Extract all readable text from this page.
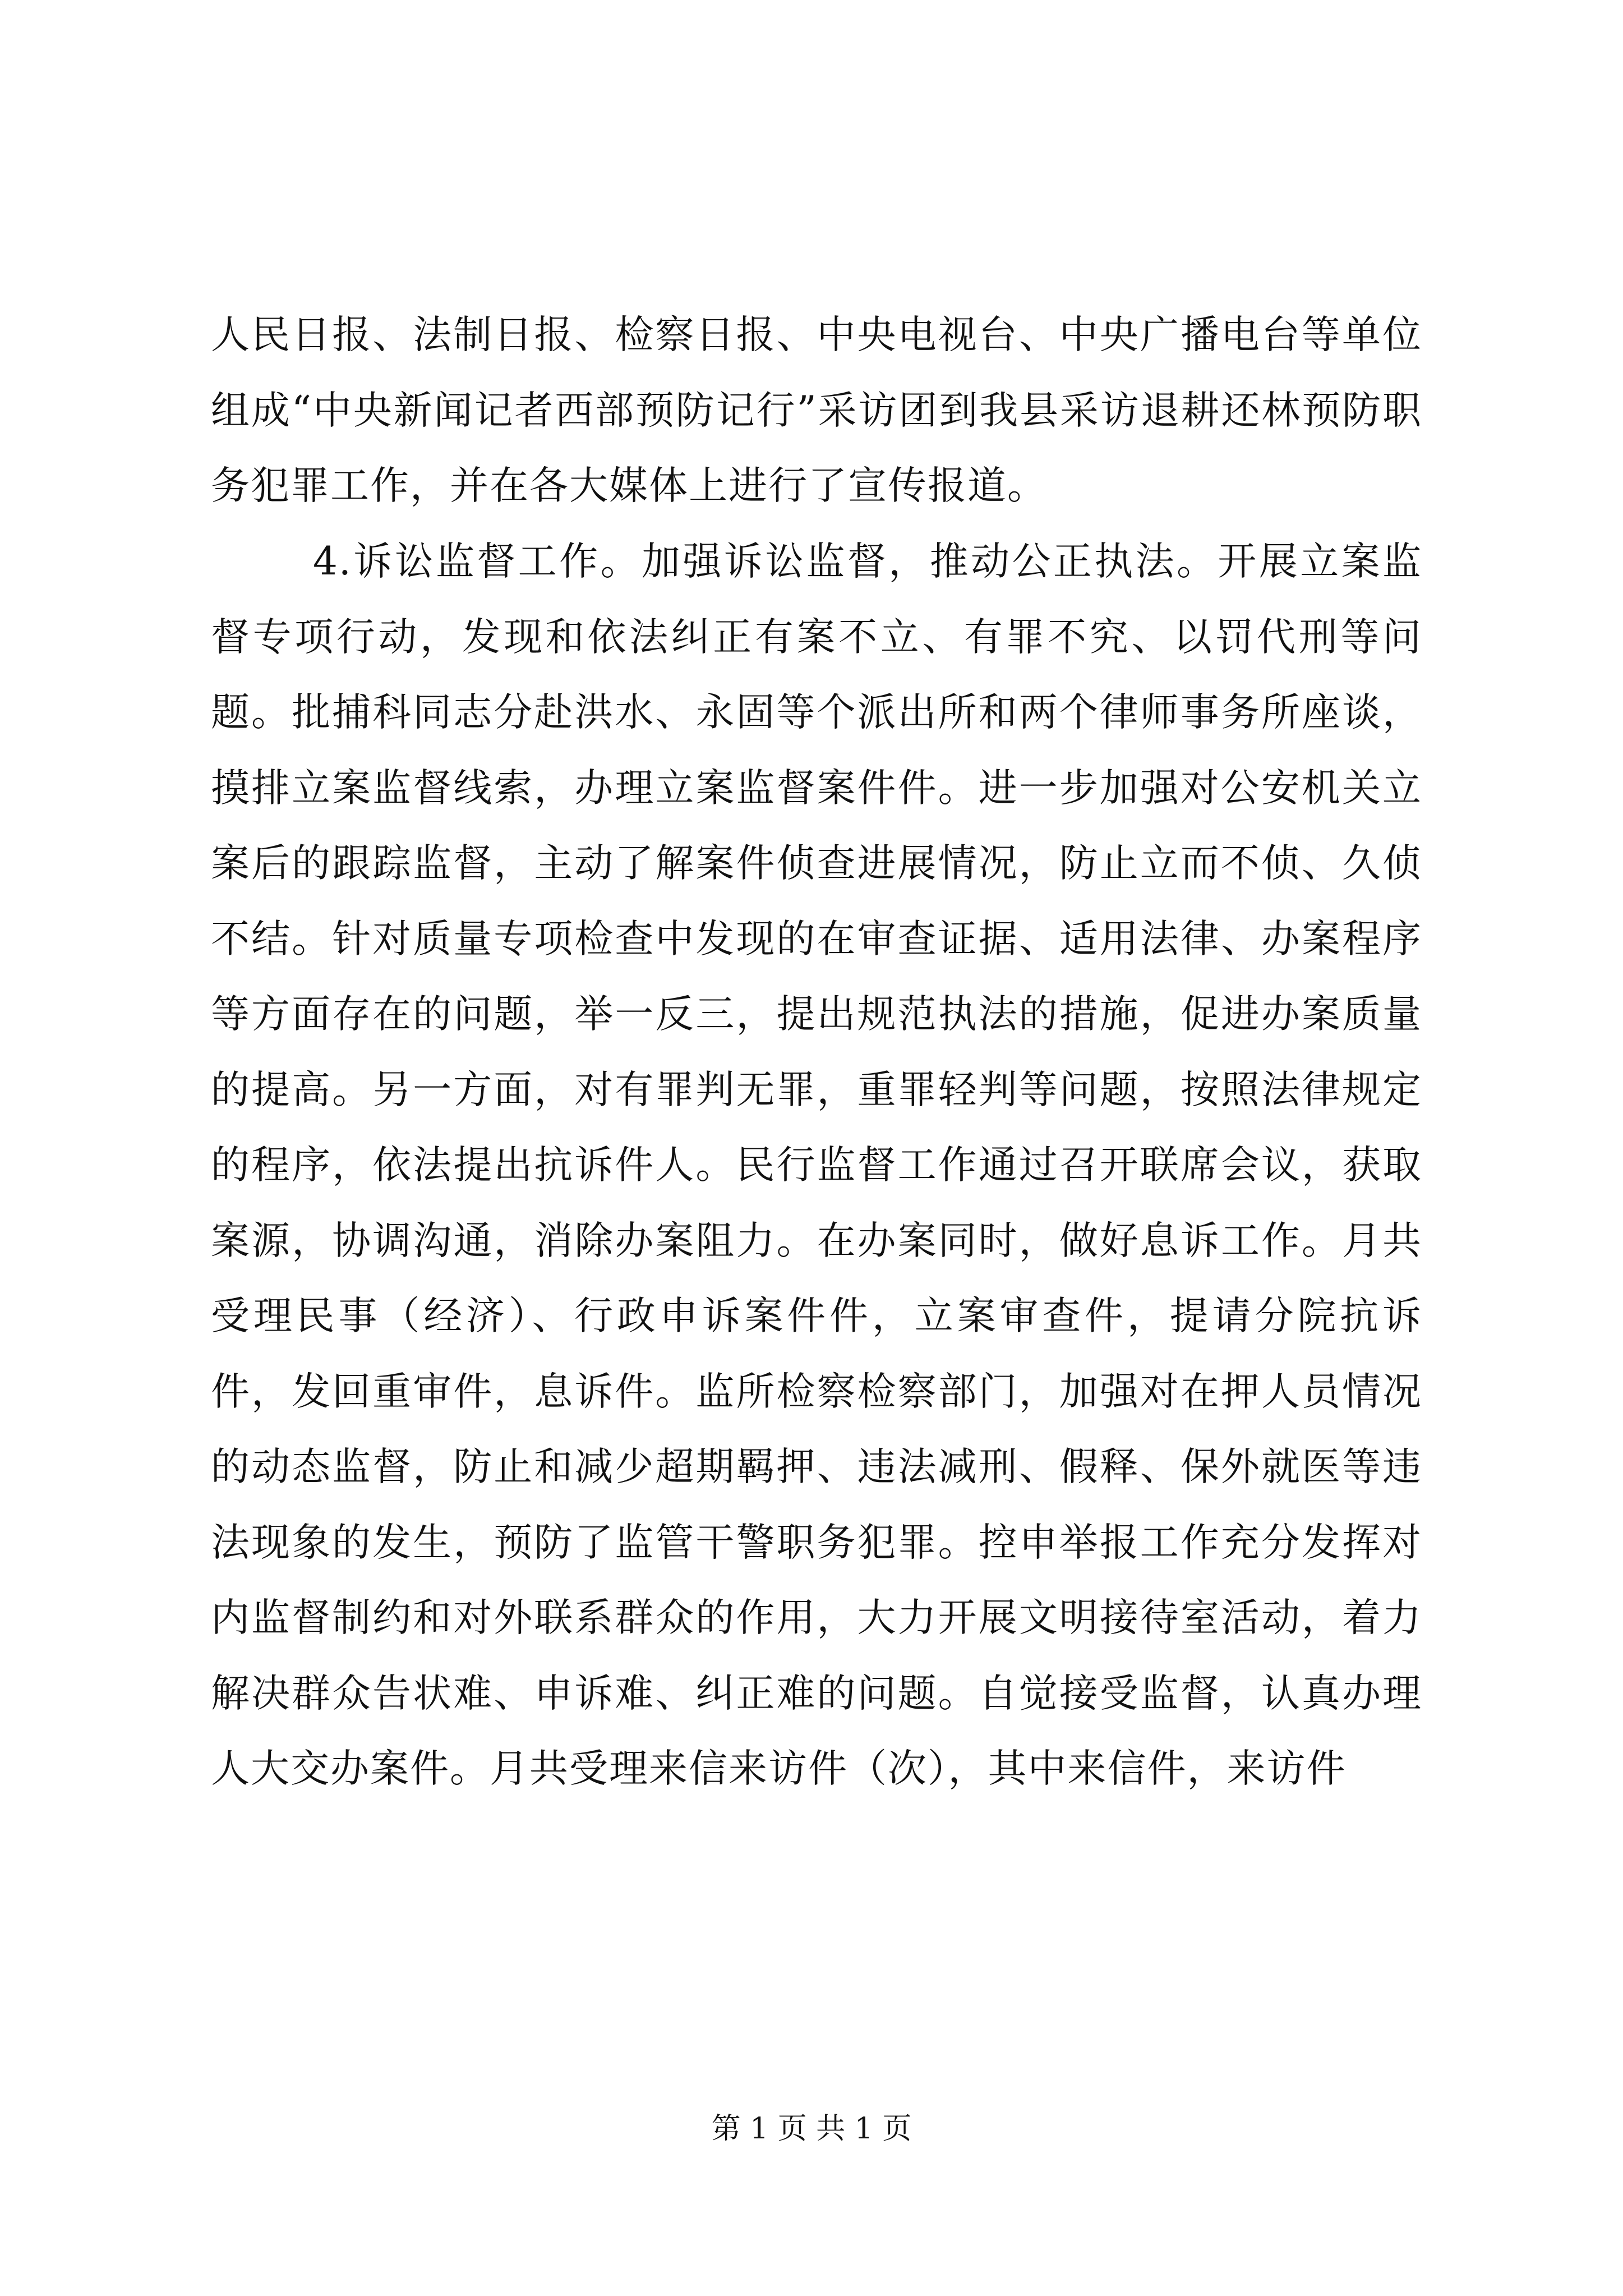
人民日报、法制日报、检察日报、中央电视台、中央广播电台等单位组成“中央新闻记者西部预防记行”采访团到我县采访退耕还林预防职务犯罪工作，并在各大媒体上进行了宣传报道。

4.诉讼监督工作。加强诉讼监督，推动公正执法。开展立案监督专项行动，发现和依法纠正有案不立、有罪不究、以罚代刑等问题。批捕科同志分赴洪水、永固等个派出所和两个律师事务所座谈，摸排立案监督线索，办理立案监督案件件。进一步加强对公安机关立案后的跟踪监督，主动了解案件侦查进展情况，防止立而不侦、久侦不结。针对质量专项检查中发现的在审查证据、适用法律、办案程序等方面存在的问题，举一反三，提出规范执法的措施，促进办案质量的提高。另一方面，对有罪判无罪，重罪轻判等问题，按照法律规定的程序，依法提出抗诉件人。民行监督工作通过召开联席会议，获取案源，协调沟通，消除办案阻力。在办案同时，做好息诉工作。月共受理民事（经济）、行政申诉案件件，立案审查件，提请分院抗诉件，发回重审件，息诉件。监所检察检察部门，加强对在押人员情况的动态监督，防止和减少超期羁押、违法减刑、假释、保外就医等违法现象的发生，预防了监管干警职务犯罪。控申举报工作充分发挥对内监督制约和对外联系群众的作用，大力开展文明接待室活动，着力解决群众告状难、申诉难、纠正难的问题。自觉接受监督，认真办理人大交办案件。月共受理来信来访件（次），其中来信件，来访件

第 1 页 共 1 页
